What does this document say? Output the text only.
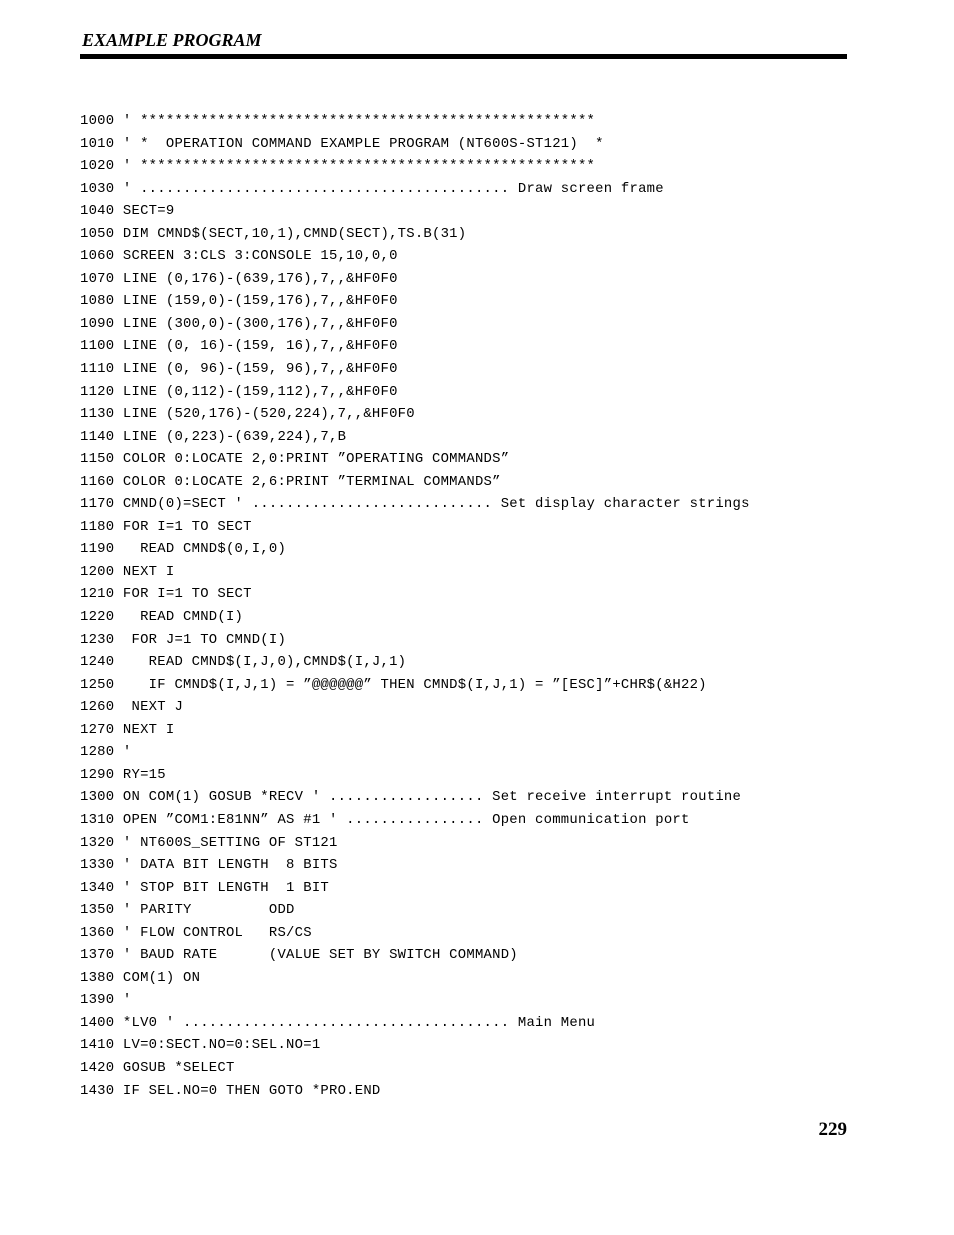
EXAMPLE PROGRAM
1000 ' *****************************************************
1010 ' *  OPERATION COMMAND EXAMPLE PROGRAM (NT600S-ST121)  *
1020 ' *****************************************************
1030 ' ........................................... Draw screen frame
1040 SECT=9
1050 DIM CMND$(SECT,10,1),CMND(SECT),TS.B(31)
1060 SCREEN 3:CLS 3:CONSOLE 15,10,0,0
1070 LINE (0,176)-(639,176),7,,&HF0F0
1080 LINE (159,0)-(159,176),7,,&HF0F0
1090 LINE (300,0)-(300,176),7,,&HF0F0
1100 LINE (0, 16)-(159, 16),7,,&HF0F0
1110 LINE (0, 96)-(159, 96),7,,&HF0F0
1120 LINE (0,112)-(159,112),7,,&HF0F0
1130 LINE (520,176)-(520,224),7,,&HF0F0
1140 LINE (0,223)-(639,224),7,B
1150 COLOR 0:LOCATE 2,0:PRINT ”OPERATING COMMANDS”
1160 COLOR 0:LOCATE 2,6:PRINT ”TERMINAL COMMANDS”
1170 CMND(0)=SECT ' ............................ Set display character strings
1180 FOR I=1 TO SECT
1190   READ CMND$(0,I,0)
1200 NEXT I
1210 FOR I=1 TO SECT
1220   READ CMND(I)
1230  FOR J=1 TO CMND(I)
1240    READ CMND$(I,J,0),CMND$(I,J,1)
1250    IF CMND$(I,J,1) = ”@@@@@@” THEN CMND$(I,J,1) = ”[ESC]”+CHR$(&H22)
1260  NEXT J
1270 NEXT I
1280 '
1290 RY=15
1300 ON COM(1) GOSUB *RECV ' .................. Set receive interrupt routine
1310 OPEN ”COM1:E81NN” AS #1 ' ................ Open communication port
1320 ' NT600S_SETTING OF ST121
1330 ' DATA BIT LENGTH  8 BITS
1340 ' STOP BIT LENGTH  1 BIT
1350 ' PARITY         ODD
1360 ' FLOW CONTROL   RS/CS
1370 ' BAUD RATE      (VALUE SET BY SWITCH COMMAND)
1380 COM(1) ON
1390 '
1400 *LV0 ' ...................................... Main Menu
1410 LV=0:SECT.NO=0:SEL.NO=1
1420 GOSUB *SELECT
1430 IF SEL.NO=0 THEN GOTO *PRO.END
229
